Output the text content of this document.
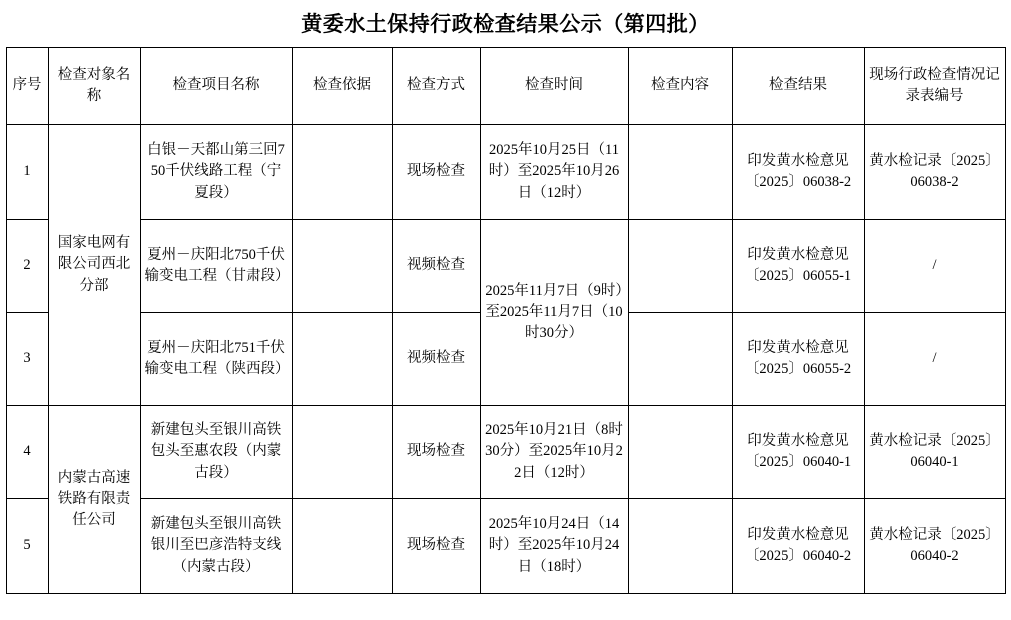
黄委水土保持行政检查结果公示（第四批）
序号	检查对象名称	检查项目名称	检查依据	检查方式	检查时间	检查内容	检查结果	现场行政检查情况记录表编号
1	国家电网有限公司西北分部	白银－天都山第三回750千伏线路工程（宁夏段）		现场检查	2025年10月25日（11时）至2025年10月26日（12时）		印发黄水检意见〔2025〕06038-2	黄水检记录〔2025〕06038-2
2		夏州－庆阳北750千伏输变电工程（甘肃段）		视频检查	2025年11月7日（9时）至2025年11月7日（10时30分）		印发黄水检意见〔2025〕06055-1	/
3		夏州－庆阳北751千伏输变电工程（陕西段）		视频检查			印发黄水检意见〔2025〕06055-2	/
4	内蒙古高速铁路有限责任公司	新建包头至银川高铁包头至惠农段（内蒙古段）		现场检查	2025年10月21日（8时30分）至2025年10月22日（12时）		印发黄水检意见〔2025〕06040-1	黄水检记录〔2025〕06040-1
5		新建包头至银川高铁银川至巴彦浩特支线（内蒙古段）		现场检查	2025年10月24日（14时）至2025年10月24日（18时）		印发黄水检意见〔2025〕06040-2	黄水检记录〔2025〕06040-2
